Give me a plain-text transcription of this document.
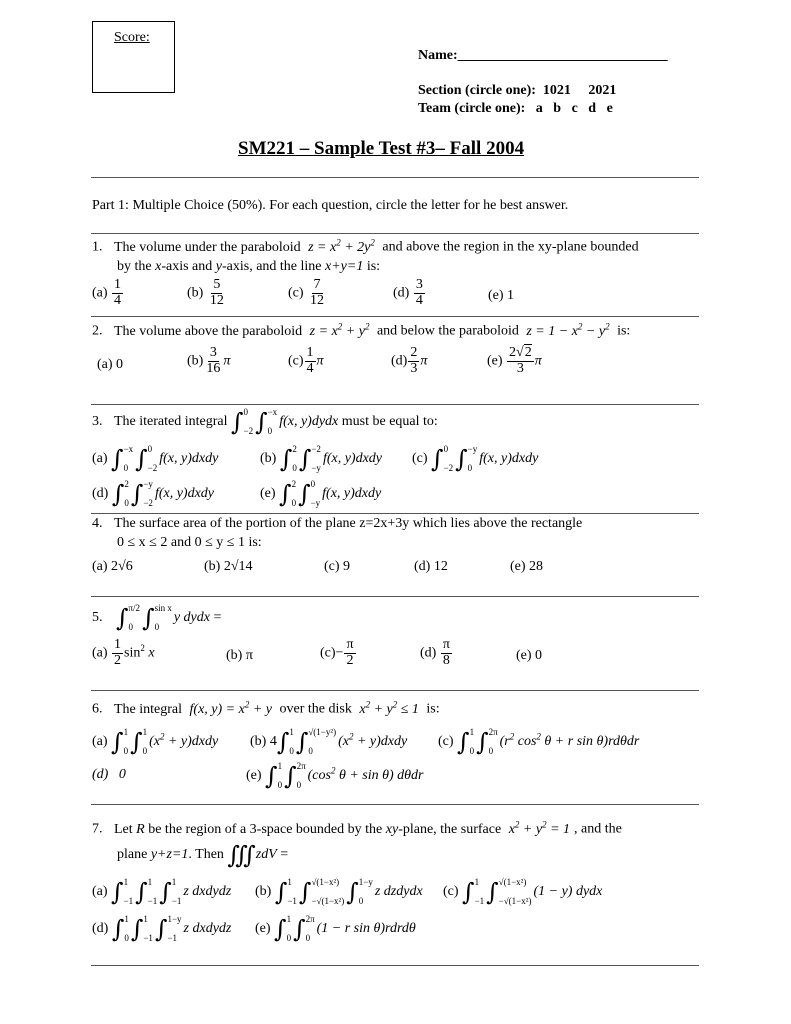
Score:
Name:______________________________
Section (circle one):  1021     2021
Team (circle one):   a   b   c   d   e
SM221 – Sample Test #3– Fall 2004
Part 1: Multiple Choice (50%). For each question, circle the letter for he best answer.
1. The volume under the paraboloid $z = x^2 + 2y^2$ and above the region in the xy-plane bounded
by the x-axis and y-axis, and the line x+y=1 is:
$(a) \frac{1}{4}$	$(b) \frac{5}{12}$	$(c) \frac{7}{12}$	$(d) \frac{3}{4}$	(e) 1
2. The volume above the paraboloid $z = x^2 + y^2$ and below the paraboloid $z = 1 - x^2 - y^2$ is:
(a) 0	$(b) \frac{3}{16}$ π	$(c) \frac{1}{4}$ π	$(d) \frac{2}{3}$ π	$(e) \frac{2√2}{3}$ π
3. The iterated integral ∫ 0
−2 ∫ −x
0
f(x, y)dydx must be equal to:
(a) ∫ −x
0 ∫ 0
−2
f(x, y)dxdy	(b) ∫ 2
0 ∫ −2
−y
f(x, y)dxdy (c) ∫ 0
−2 ∫ −y
0
f(x, y)dxdy
(d) ∫ 2
0 ∫ −y
−2
f(x, y)dxdy	(e) ∫ 2
0 ∫ 0
−y
f(x, y)dxdy
4. The surface area of the portion of the plane z=2x+3y which lies above the rectangle
0 ≤ x ≤ 2 and 0 ≤ y ≤ 1 is:
(a) 2√6	(b) 2√14	(c) 9	(d) 12	(e) 28
5. ∫ π/2
0 ∫ sin x
0
y dydx =
$(a) \frac{1}{2} \sin^2 x$	(b) π	$(c)- \frac{\pi}{2}$	$(d) \frac{\pi}{8}$	(e) 0
6. The integral f(x, $y) = x^2 + y$ over the disk $x^2 + y^2 \le 1$ is:
(a) ∫ 1
0 ∫ 1
0
($x^2$ + y)dxdy (b) 4 ∫ 1
0 ∫ √(1−y²)
0
($x^2$ + y)dxdy (c) ∫ 1
0 ∫ 2π
0
($r^2$ $\cos^2 \theta + r$ sin θ)rdθdr
(d)   0	(e) ∫ 1
0 ∫ 2π
0
($\cos^2$ θ + sin θ) dθdr
7. Let R be the region of a 3-space bounded by the xy-plane, the surface $x^2 + y^2 = 1$ , and the
plane y+z=1. Then ∭ zdV =
(a) ∫ 1
−1 ∫ 1
−1 ∫ 1
−1
z dxdydz (b) ∫ 1
−1 ∫ √(1−x²)
−√(1−x²) ∫ 1−y
0
z dzdydx (c) ∫ 1
−1 ∫ √(1−x²)
−√(1−x²)
(1 − y) dydx
(d) ∫ 1
0 ∫ 1
−1 ∫ 1−y
−1
z dxdydz (e) ∫ 1
0 ∫ 2π
0
(1 − r sin θ)rdrdθ
